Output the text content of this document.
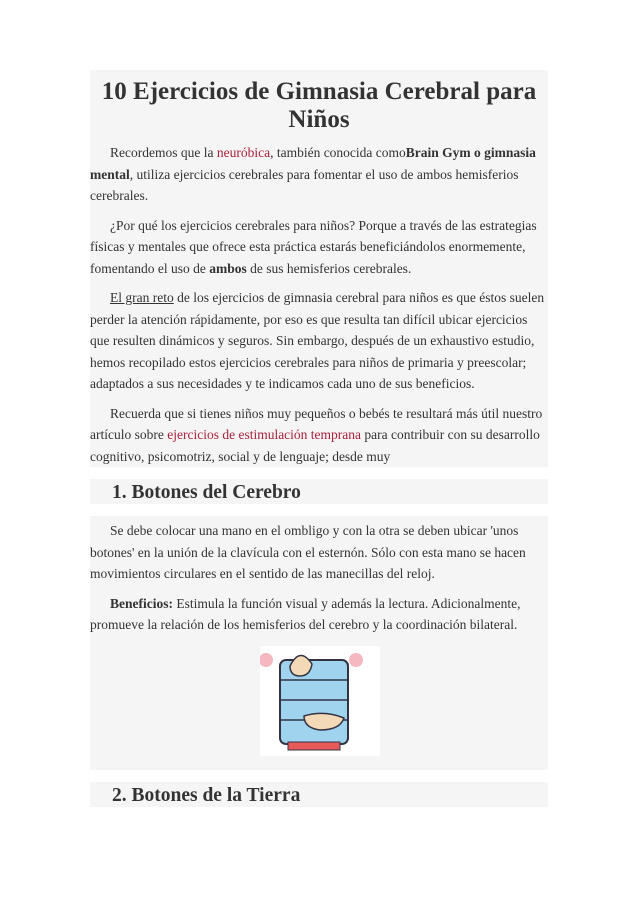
10 Ejercicios de Gimnasia Cerebral para Niños

Recordemos que la neuróbica, también conocida comoBrain Gym o gimnasia mental, utiliza ejercicios cerebrales para fomentar el uso de ambos hemisferios cerebrales.

¿Por qué los ejercicios cerebrales para niños? Porque a través de las estrategias físicas y mentales que ofrece esta práctica estarás beneficiándolos enormemente, fomentando el uso de ambos de sus hemisferios cerebrales.

El gran reto de los ejercicios de gimnasia cerebral para niños es que éstos suelen perder la atención rápidamente, por eso es que resulta tan difícil ubicar ejercicios que resulten dinámicos y seguros. Sin embargo, después de un exhaustivo estudio, hemos recopilado estos ejercicios cerebrales para niños de primaria y preescolar; adaptados a sus necesidades y te indicamos cada uno de sus beneficios.

Recuerda que si tienes niños muy pequeños o bebés te resultará más útil nuestro artículo sobre ejercicios de estimulación temprana para contribuir con su desarrollo cognitivo, psicomotriz, social y de lenguaje; desde muy

1. Botones del Cerebro

Se debe colocar una mano en el ombligo y con la otra se deben ubicar 'unos botones' en la unión de la clavícula con el esternón. Sólo con esta mano se hacen movimientos circulares en el sentido de las manecillas del reloj.

Beneficios: Estimula la función visual y además la lectura. Adicionalmente, promueve la relación de los hemisferios del cerebro y la coordinación bilateral.

2. Botones de la Tierra
